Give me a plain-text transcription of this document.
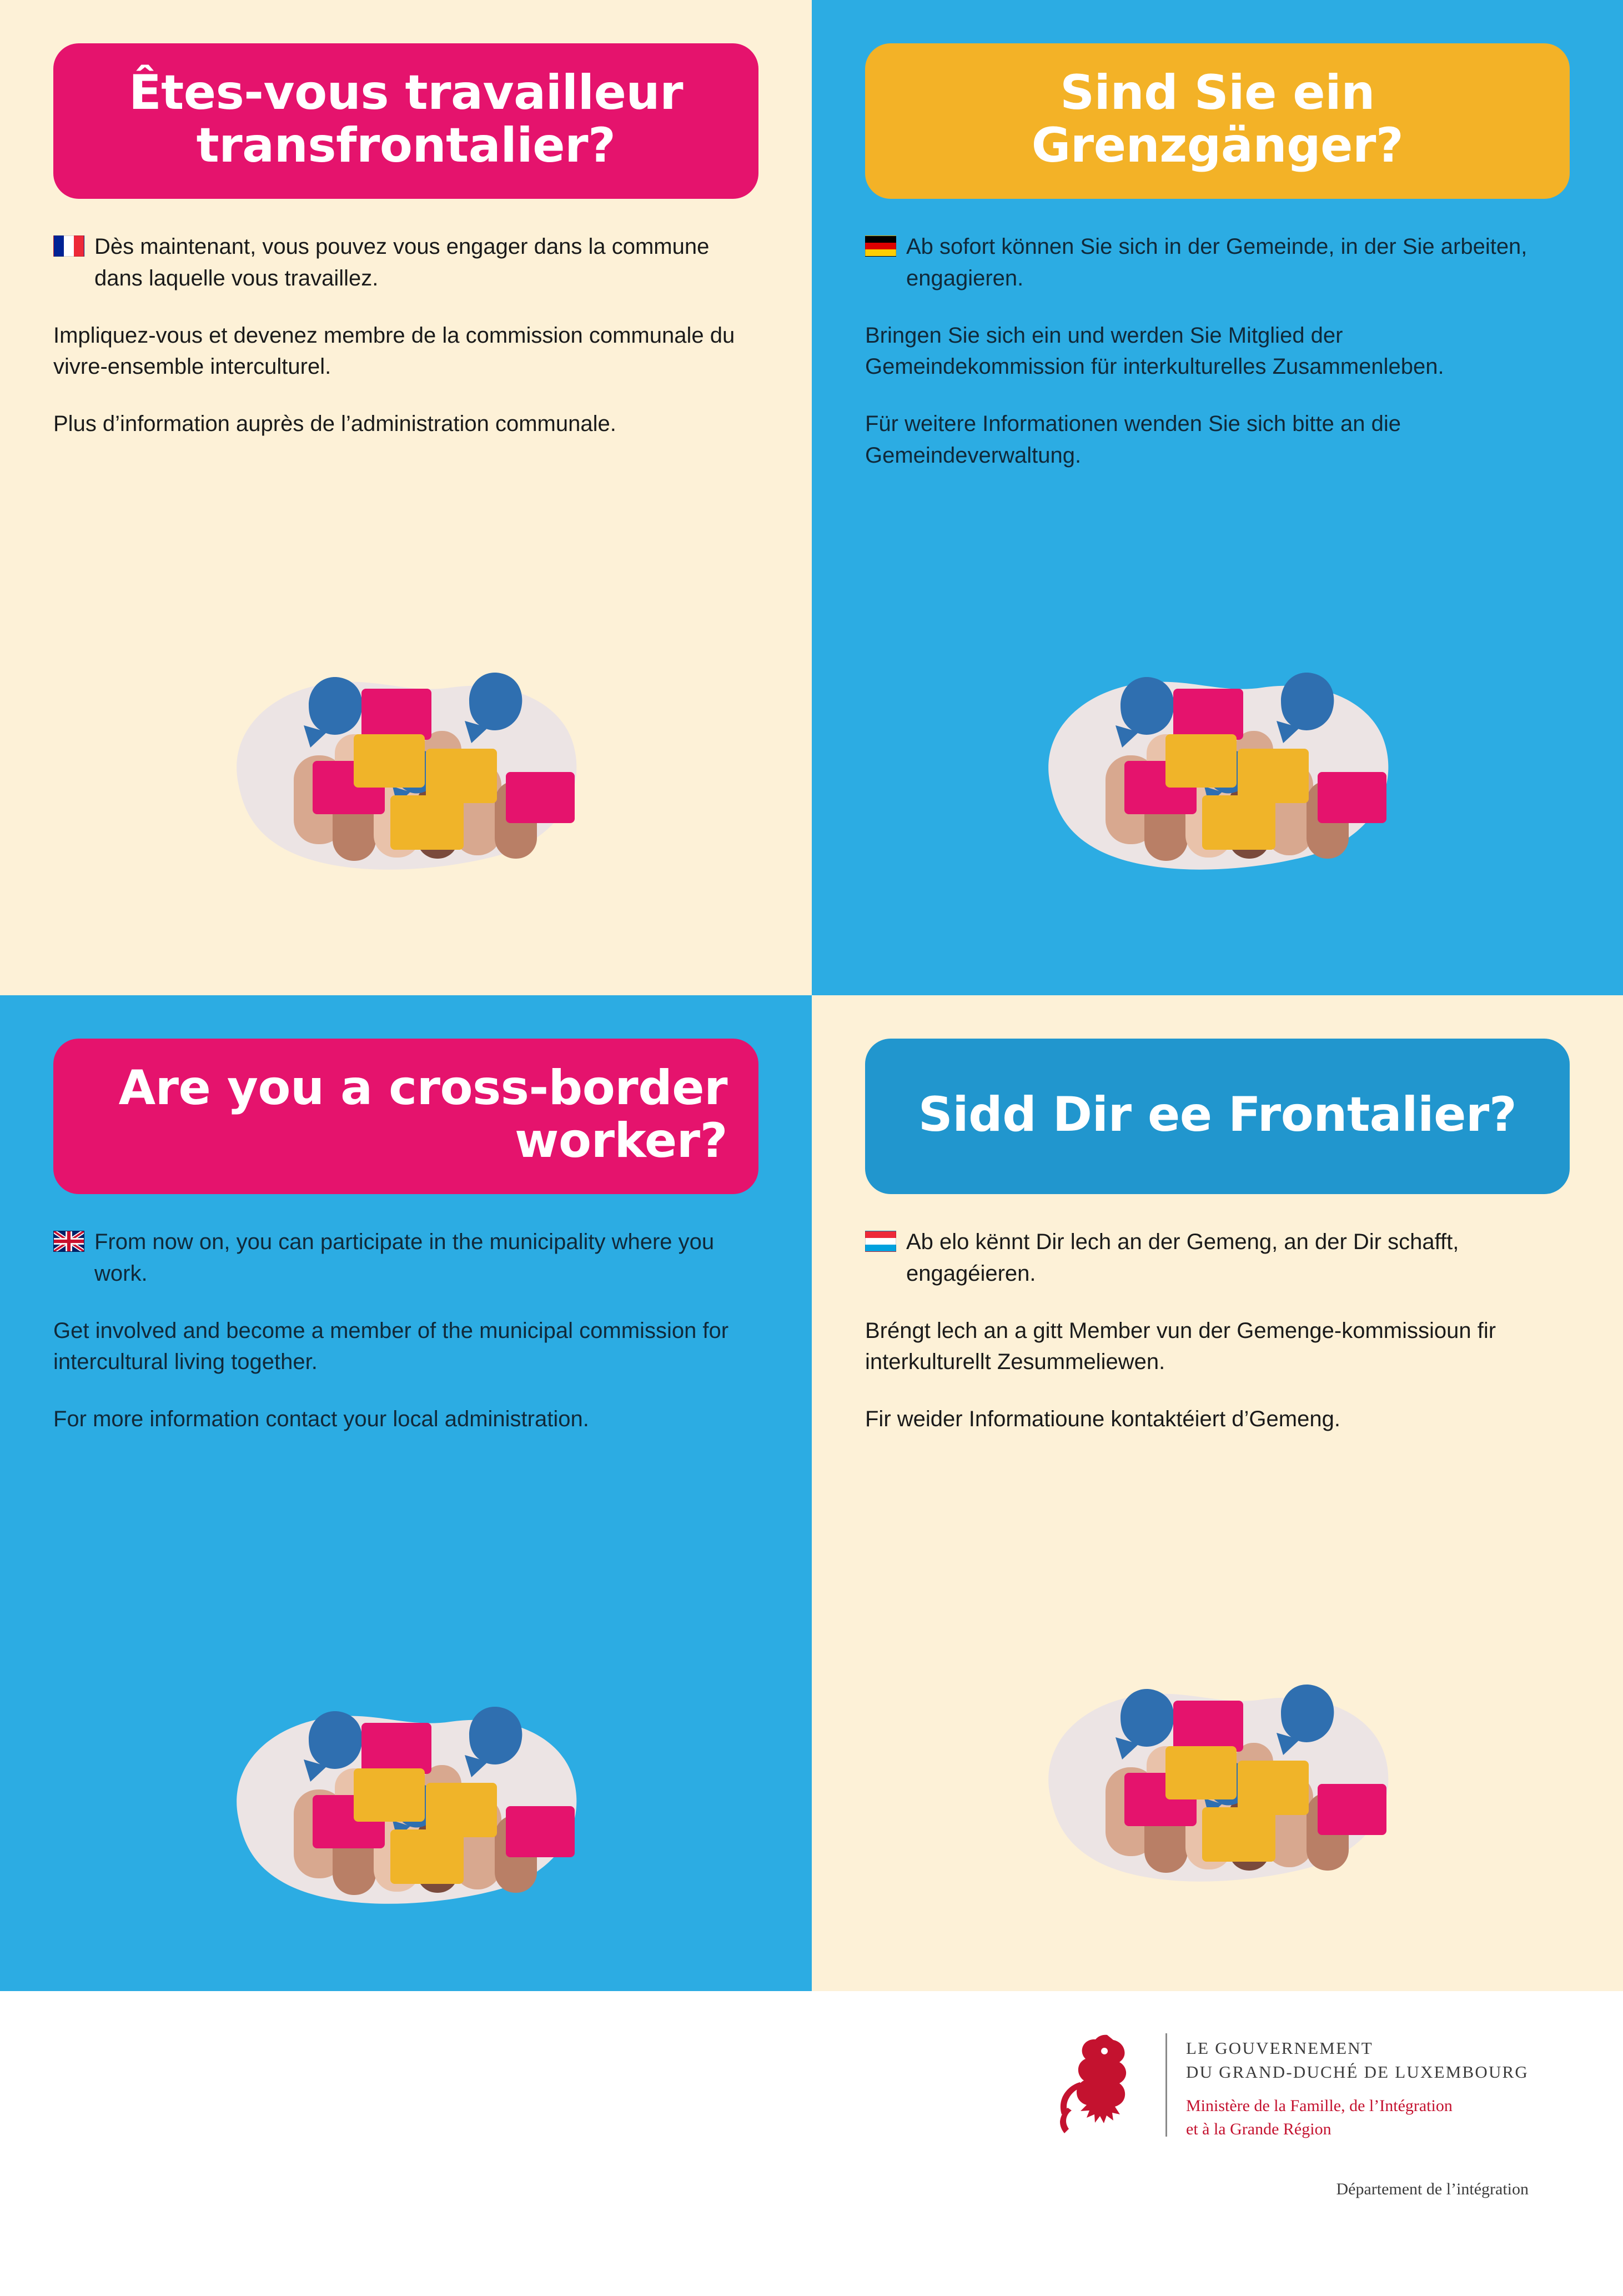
Êtes-vous travailleur transfrontalier?

Dès maintenant, vous pouvez vous engager dans la commune dans laquelle vous travaillez.

Impliquez-vous et devenez membre de la commission communale du vivre-ensemble interculturel.

Plus d’information auprès de l’administration communale.

Sind Sie ein Grenzgänger?

Ab sofort können Sie sich in der Gemeinde, in der Sie arbeiten, engagieren.

Bringen Sie sich ein und werden Sie Mitglied der Gemeindekommission für interkulturelles Zusammenleben.

Für weitere Informationen wenden Sie sich bitte an die Gemeindeverwaltung.

Are you a cross-border worker?

From now on, you can participate in the municipality where you work.

Get involved and become a member of the municipal commission for intercultural living together.

For more information contact your local administration.

Sidd Dir ee Frontalier?

Ab elo kënnt Dir lech an der Gemeng, an der Dir schafft, engagéieren.

Bréngt lech an a gitt Member vun der Gemenge-kommissioun fir interkulturellt Zesummeliewen.

Fir weider Informatioune kontaktéiert d’Gemeng.

LE GOUVERNEMENT
DU GRAND-DUCHÉ DE LUXEMBOURG
Ministère de la Famille, de l’Intégration
et à la Grande Région
Département de l’intégration
